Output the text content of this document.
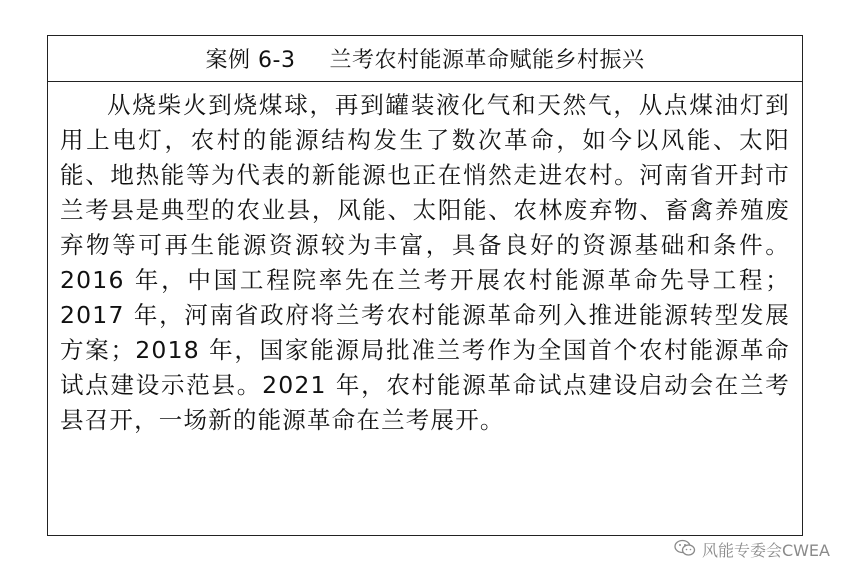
案例 6-3 兰考农村能源革命赋能乡村振兴
从烧柴火到烧煤球，再到罐装液化气和天然气，从点煤油灯到用上电灯，农村的能源结构发生了数次革命，如今以风能、太阳能、地热能等为代表的新能源也正在悄然走进农村。河南省开封市兰考县是典型的农业县，风能、太阳能、农林废弃物、畜禽养殖废弃物等可再生能源资源较为丰富，具备良好的资源基础和条件。2016 年，中国工程院率先在兰考开展农村能源革命先导工程；2017 年，河南省政府将兰考农村能源革命列入推进能源转型发展方案；2018 年，国家能源局批准兰考作为全国首个农村能源革命试点建设示范县。2021 年，农村能源革命试点建设启动会在兰考县召开，一场新的能源革命在兰考展开。
风能专委会CWEA
